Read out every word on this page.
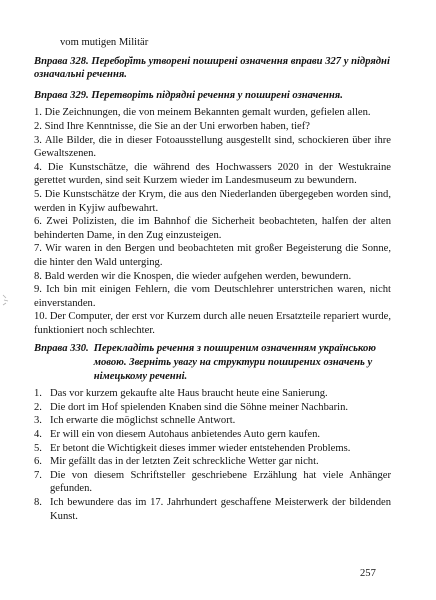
vom mutigen Militär
Вправа 328. Перебор̆іть утворені поширені означення вправи 327 у підрядні означальні речення.
Вправа 329. Перетворіть підрядні речення у поширені означення.

1. Die Zeichnungen, die von meinem Bekannten gemalt wurden, gefielen allen.

2. Sind Ihre Kenntnisse, die Sie an der Uni erworben haben, tief?

3. Alle Bilder, die in dieser Fotoausstellung ausgestellt sind, schockieren über ihre Gewaltszenen.

4. Die Kunstschätze, die während des Hochwassers 2020 in der Westukraine gerettet wurden, sind seit Kurzem wieder im Landesmuseum zu bewundern.

5. Die Kunstschätze der Krym, die aus den Niederlanden übergegeben worden sind, werden in Kyjiw aufbewahrt.

6. Zwei Polizisten, die im Bahnhof die Sicherheit beobachteten, halfen der alten behinderten Dame, in den Zug einzusteigen.

7. Wir waren in den Bergen und beobachteten mit großer Begeisterung die Sonne, die hinter den Wald unterging.

8. Bald werden wir die Knospen, die wieder aufgehen werden, bewundern.

9. Ich bin mit einigen Fehlern, die vom Deutschlehrer unterstrichen waren, nicht einverstanden.

10. Der Computer, der erst vor Kurzem durch alle neuen Ersatzteile repariert wurde, funktioniert noch schlechter.

Вправа 330. Перекладіть речення з поширеним означенням українською мовою. Зверніть увагу на структури поширених означень у німецькому реченні.
1. Das vor kurzem gekaufte alte Haus braucht heute eine Sanierung.
2. Die dort im Hof spielenden Knaben sind die Söhne meiner Nachbarin.
3. Ich erwarte die möglichst schnelle Antwort.
4. Er will ein von diesem Autohaus anbietendes Auto gern kaufen.
5. Er betont die Wichtigkeit dieses immer wieder entstehenden Problems.
6. Mir gefällt das in der letzten Zeit schreckliche Wetter gar nicht.
7. Die von diesem Schriftsteller geschriebene Erzählung hat viele Anhänger gefunden.
8. Ich bewundere das im 17. Jahrhundert geschaffene Meisterwerk der bildenden Kunst.
257
